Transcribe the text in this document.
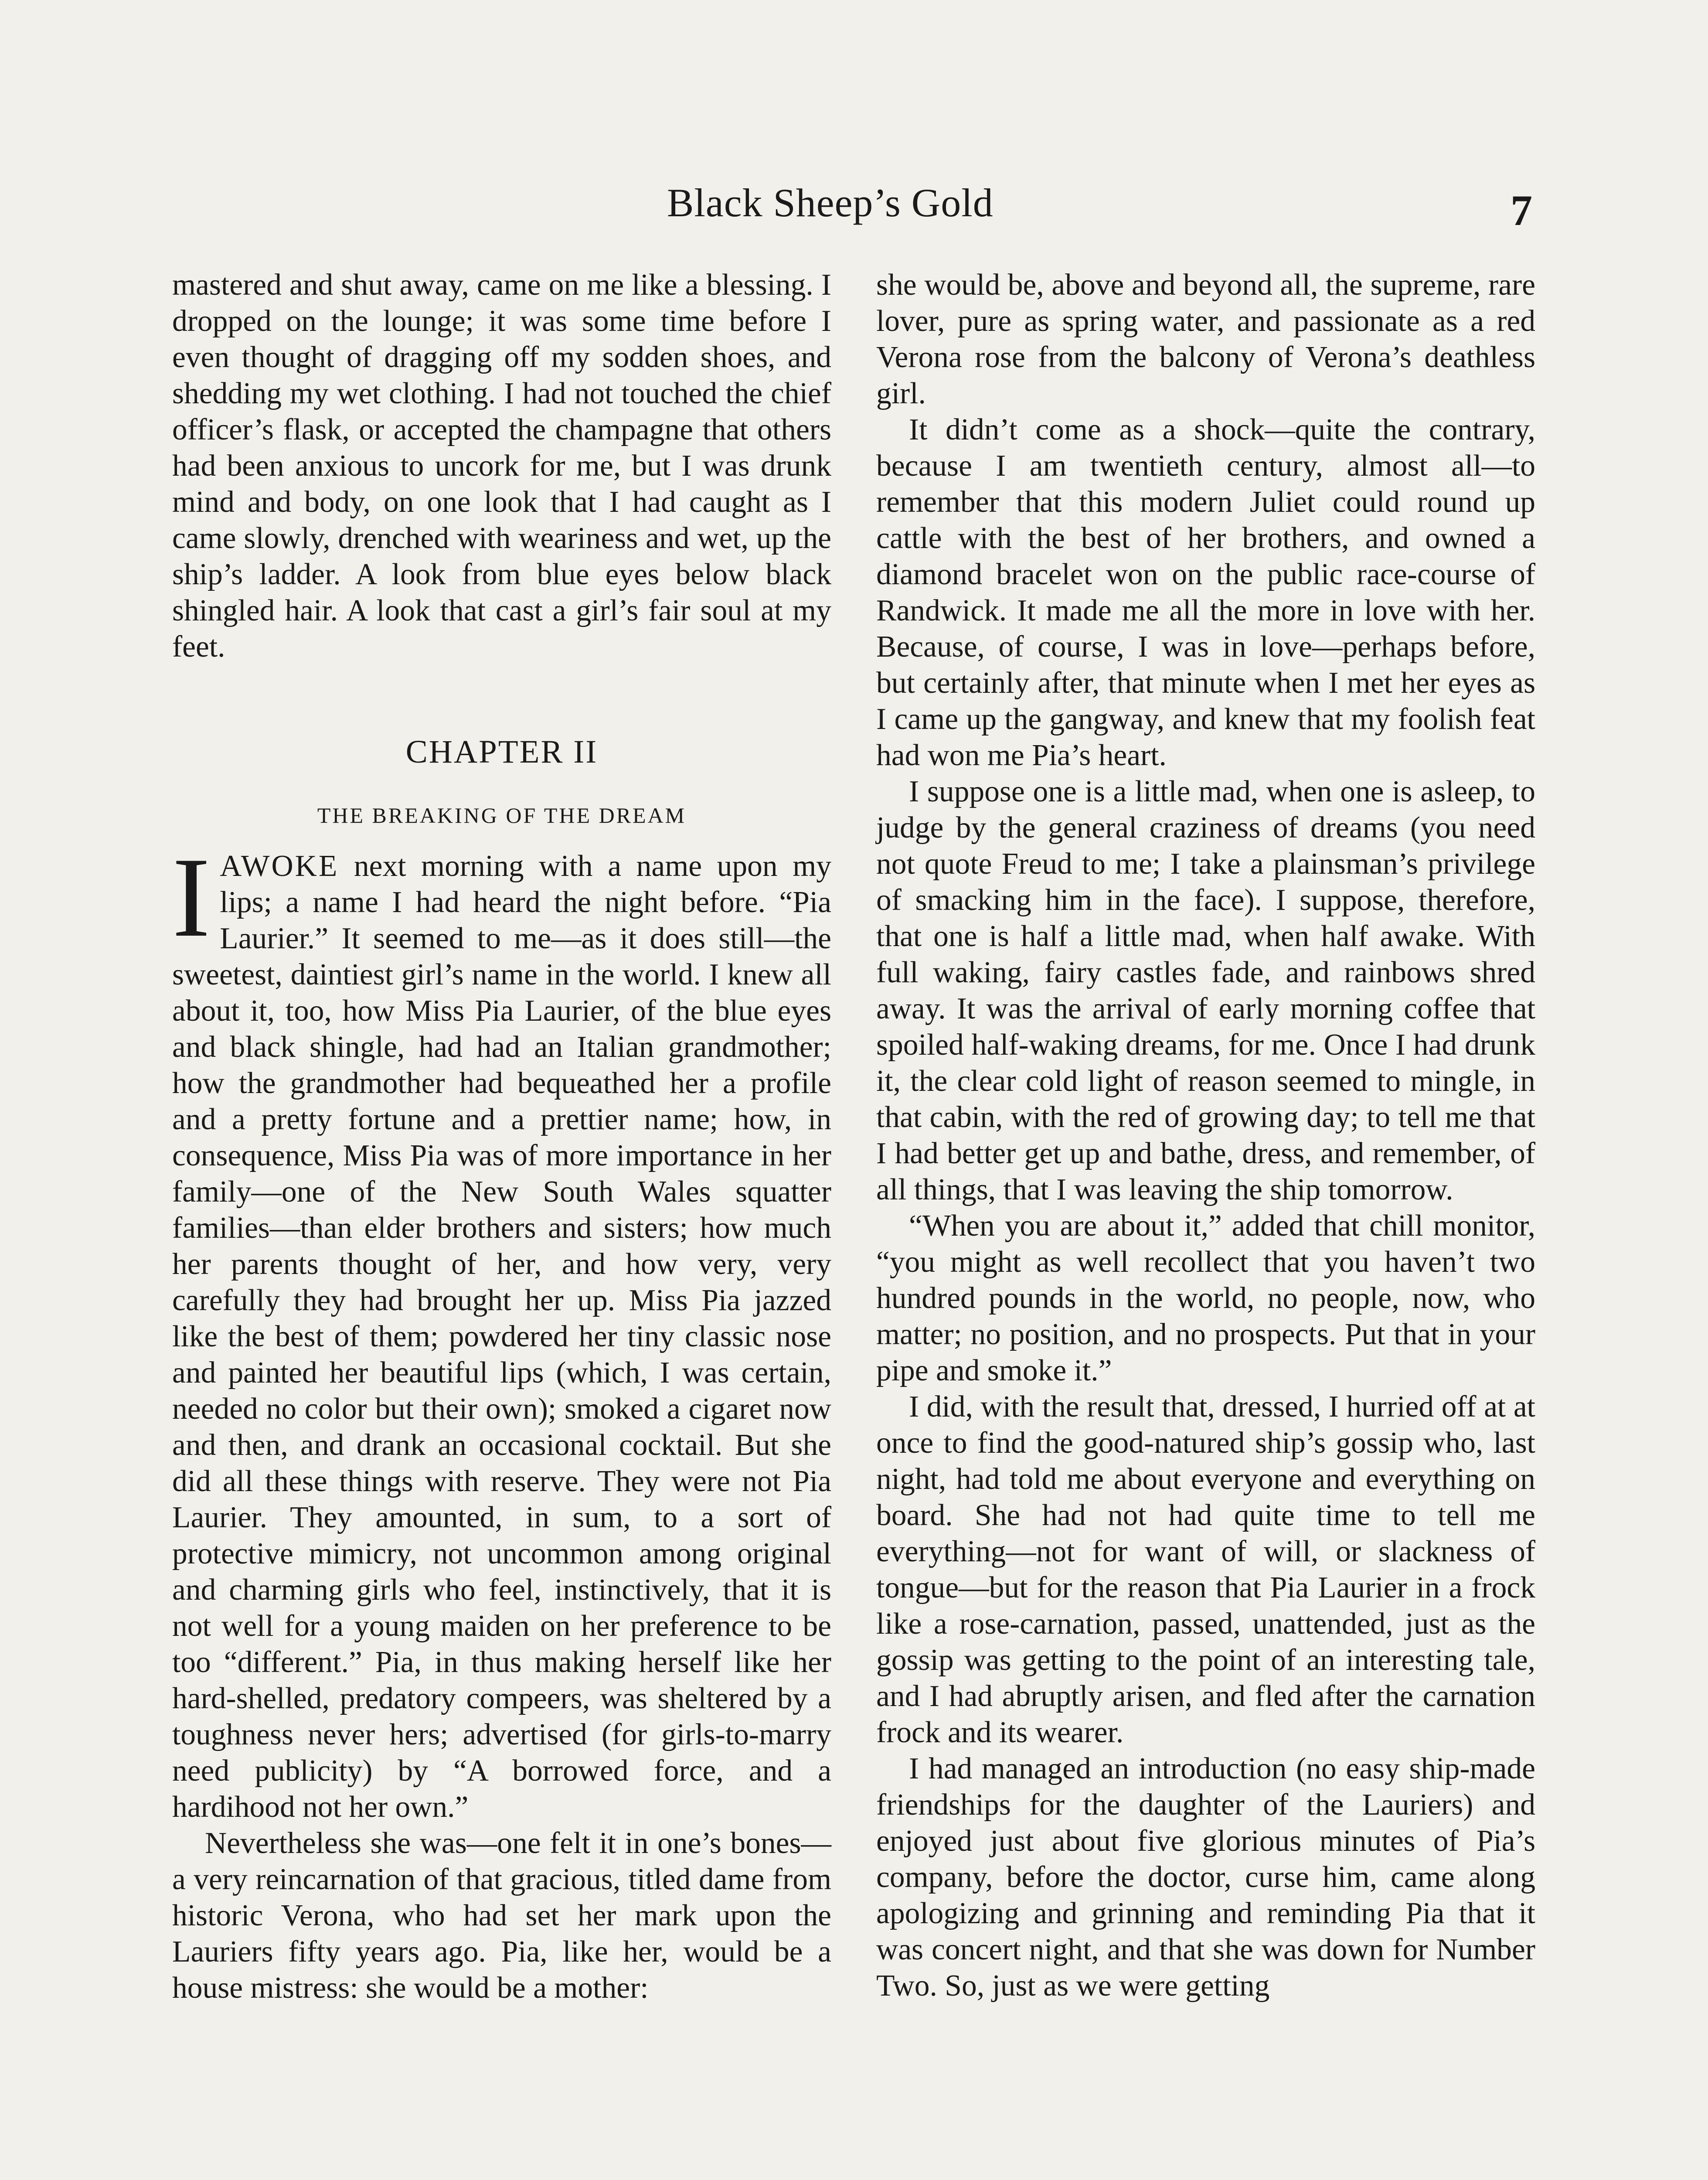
Black Sheep’s Gold	7

mastered and shut away, came on me like a blessing. I dropped on the lounge; it was some time before I even thought of dragging off my sodden shoes, and shedding my wet clothing. I had not touched the chief officer’s flask, or accepted the champagne that others had been anxious to uncork for me, but I was drunk mind and body, on one look that I had caught as I came slowly, drenched with weariness and wet, up the ship’s ladder. A look from blue eyes below black shingled hair. A look that cast a girl’s fair soul at my feet.

CHAPTER II
THE BREAKING OF THE DREAM

IAWOKE next morning with a name upon my lips; a name I had heard the night before. “Pia Laurier.” It seemed to me—as it does still—the sweetest, daintiest girl’s name in the world. I knew all about it, too, how Miss Pia Laurier, of the blue eyes and black shingle, had had an Italian grandmother; how the grandmother had bequeathed her a profile and a pretty fortune and a prettier name; how, in consequence, Miss Pia was of more importance in her family—one of the New South Wales squatter families—than elder brothers and sisters; how much her parents thought of her, and how very, very carefully they had brought her up. Miss Pia jazzed like the best of them; powdered her tiny classic nose and painted her beautiful lips (which, I was certain, needed no color but their own); smoked a cigaret now and then, and drank an occasional cocktail. But she did all these things with reserve. They were not Pia Laurier. They amounted, in sum, to a sort of protective mimicry, not uncommon among original and charming girls who feel, instinctively, that it is not well for a young maiden on her preference to be too “different.” Pia, in thus making herself like her hard-shelled, predatory compeers, was sheltered by a toughness never hers; advertised (for girls-to-marry need publicity) by “A borrowed force, and a hardihood not her own.”

Nevertheless she was—one felt it in one’s bones—a very reincarnation of that gracious, titled dame from historic Verona, who had set her mark upon the Lauriers fifty years ago. Pia, like her, would be a house mistress: she would be a mother:

she would be, above and beyond all, the supreme, rare lover, pure as spring water, and passionate as a red Verona rose from the balcony of Verona’s deathless girl.

It didn’t come as a shock—quite the contrary, because I am twentieth century, almost all—to remember that this modern Juliet could round up cattle with the best of her brothers, and owned a diamond bracelet won on the public race-course of Randwick. It made me all the more in love with her. Because, of course, I was in love—perhaps before, but certainly after, that minute when I met her eyes as I came up the gangway, and knew that my foolish feat had won me Pia’s heart.

I suppose one is a little mad, when one is asleep, to judge by the general craziness of dreams (you need not quote Freud to me; I take a plainsman’s privilege of smacking him in the face). I suppose, therefore, that one is half a little mad, when half awake. With full waking, fairy castles fade, and rainbows shred away. It was the arrival of early morning coffee that spoiled half-waking dreams, for me. Once I had drunk it, the clear cold light of reason seemed to mingle, in that cabin, with the red of growing day; to tell me that I had better get up and bathe, dress, and remember, of all things, that I was leaving the ship tomorrow.

“When you are about it,” added that chill monitor, “you might as well recollect that you haven’t two hundred pounds in the world, no people, now, who matter; no position, and no prospects. Put that in your pipe and smoke it.”

I did, with the result that, dressed, I hurried off at at once to find the good-natured ship’s gossip who, last night, had told me about everyone and everything on board. She had not had quite time to tell me everything—not for want of will, or slackness of tongue—but for the reason that Pia Laurier in a frock like a rose-carnation, passed, unattended, just as the gossip was getting to the point of an interesting tale, and I had abruptly arisen, and fled after the carnation frock and its wearer.

I had managed an introduction (no easy ship-made friendships for the daughter of the Lauriers) and enjoyed just about five glorious minutes of Pia’s company, before the doctor, curse him, came along apologizing and grinning and reminding Pia that it was concert night, and that she was down for Number Two. So, just as we were getting
